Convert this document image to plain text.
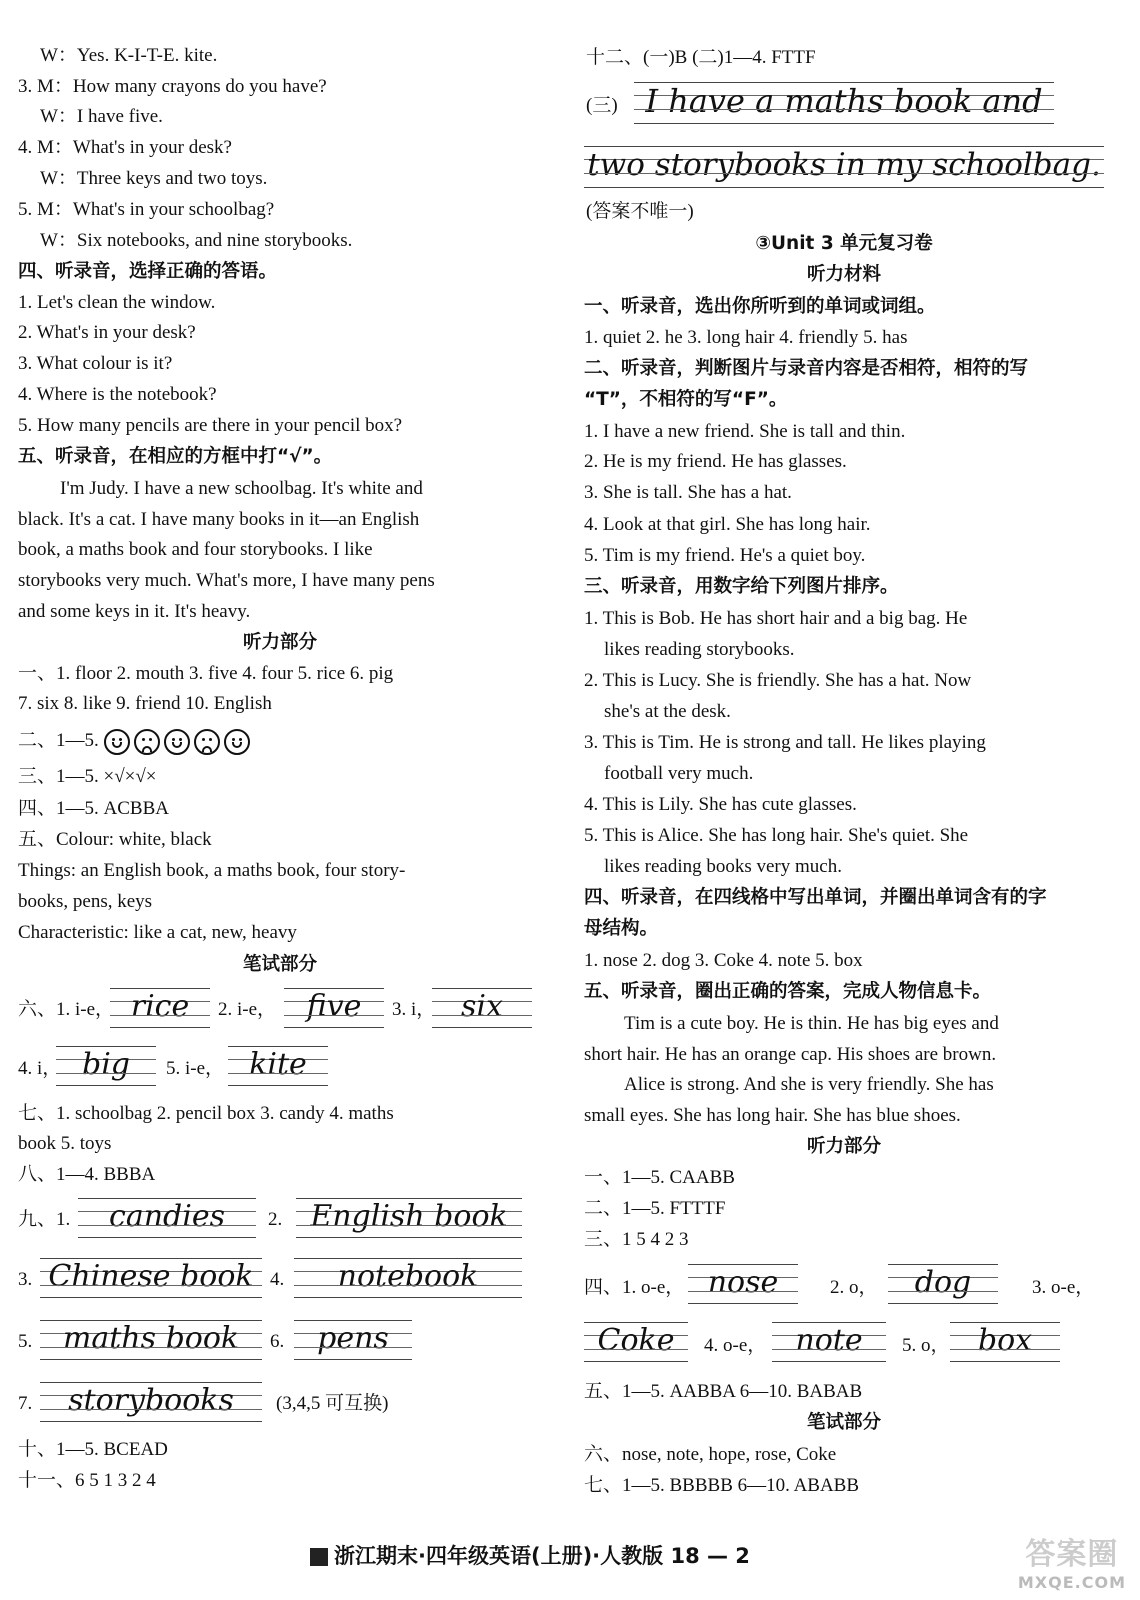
W：Yes. K-I-T-E. kite.
3. M：How many crayons do you have?
W：I have five.
4. M：What's in your desk?
W：Three keys and two toys.
5. M：What's in your schoolbag?
W：Six notebooks, and nine storybooks.
四、听录音，选择正确的答语。
1. Let's clean the window.
2. What's in your desk?
3. What colour is it?
4. Where is the notebook?
5. How many pencils are there in your pencil box?
五、听录音，在相应的方框中打“√”。
I'm Judy. I have a new schoolbag. It's white and
black. It's a cat. I have many books in it—an English
book, a maths book and four storybooks. I like
storybooks very much. What's more, I have many pens
and some keys in it. It's heavy.
听力部分
一、1. floor 2. mouth 3. five 4. four 5. rice 6. pig
7. six 8. like 9. friend 10. English
二、1—5.
三、1—5. ×√×√×
四、1—5. ACBBA
五、Colour: white, black
Things: an English book, a maths book, four story-
books, pens, keys
Characteristic: like a cat, new, heavy
笔试部分
六、1. i-e， rice	2. i-e，	five	3. i， six
4. i， big	5. i-e， kite
七、1. schoolbag 2. pencil box 3. candy 4. maths
book 5. toys
八、1—4. BBBA
九、1.	candies	2. English book
3. Chinese book 4.	notebook
5.	maths book	6.	pens
7.	storybooks	(3,4,5 可互换)
十、1—5. BCEAD
十一、6 5 1 3 2 4
十二、(一)B (二)1—4. FTTF
(三) I have a maths book and
two storybooks in my schoolbag.
(答案不唯一)
③Unit 3 单元复习卷
听力材料
一、听录音，选出你所听到的单词或词组。
1. quiet 2. he 3. long hair 4. friendly 5. has
二、听录音，判断图片与录音内容是否相符，相符的写
“T”，不相符的写“F”。
1. I have a new friend. She is tall and thin.
2. He is my friend. He has glasses.
3. She is tall. She has a hat.
4. Look at that girl. She has long hair.
5. Tim is my friend. He's a quiet boy.
三、听录音，用数字给下列图片排序。
1. This is Bob. He has short hair and a big bag. He
likes reading storybooks.
2. This is Lucy. She is friendly. She has a hat. Now
she's at the desk.
3. This is Tim. He is strong and tall. He likes playing
football very much.
4. This is Lily. She has cute glasses.
5. This is Alice. She has long hair. She's quiet. She
likes reading books very much.
四、听录音，在四线格中写出单词，并圈出单词含有的字
母结构。
1. nose 2. dog 3. Coke 4. note 5. box
五、听录音，圈出正确的答案，完成人物信息卡。
Tim is a cute boy. He is thin. He has big eyes and
short hair. He has an orange cap. His shoes are brown.
Alice is strong. And she is very friendly. She has
small eyes. She has long hair. She has blue shoes.
听力部分
一、1—5. CAABB
二、1—5. FTTTF
三、1 5 4 2 3
四、1. o-e， nose	2. o，	dog	3. o-e，
Coke	4. o-e， note	5. o， box
五、1—5. AABBA 6—10. BABAB
笔试部分
六、nose, note, hope, rose, Coke
七、1—5. BBBBB 6—10. ABABB
浙江期末·四年级英语(上册)·人教版 18 — 2	答案圈
MXQE.COM
